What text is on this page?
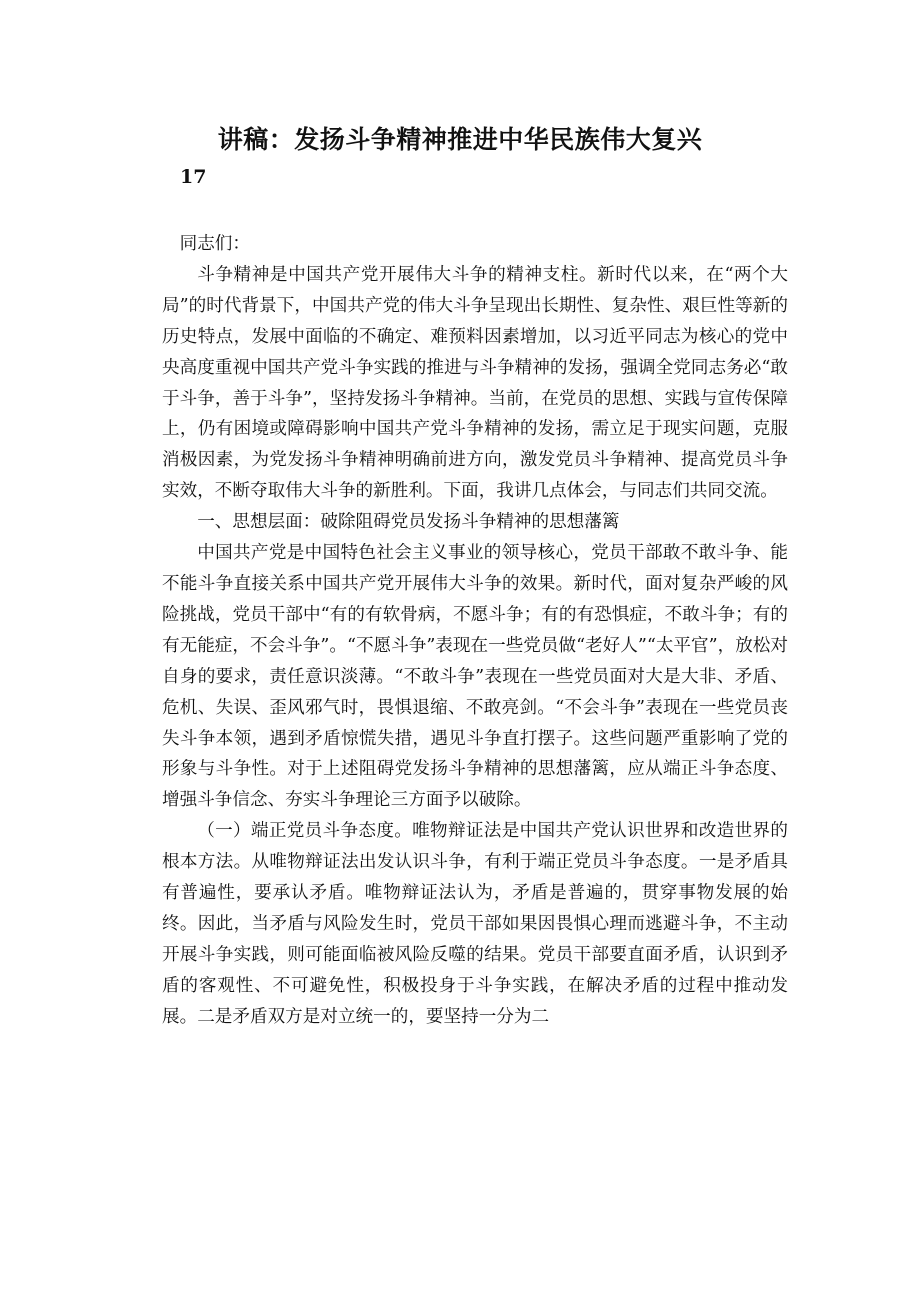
讲稿：发扬斗争精神推进中华民族伟大复兴
17

同志们：

斗争精神是中国共产党开展伟大斗争的精神支柱。新时代以来，在“两个大局”的时代背景下，中国共产党的伟大斗争呈现出长期性、复杂性、艰巨性等新的历史特点，发展中面临的不确定、难预料因素增加，以习近平同志为核心的党中央高度重视中国共产党斗争实践的推进与斗争精神的发扬，强调全党同志务必“敢于斗争，善于斗争”，坚持发扬斗争精神。当前，在党员的思想、实践与宣传保障上，仍有困境或障碍影响中国共产党斗争精神的发扬，需立足于现实问题，克服消极因素，为党发扬斗争精神明确前进方向，激发党员斗争精神、提高党员斗争实效，不断夺取伟大斗争的新胜利。下面，我讲几点体会，与同志们共同交流。

一、思想层面：破除阻碍党员发扬斗争精神的思想藩篱

中国共产党是中国特色社会主义事业的领导核心，党员干部敢不敢斗争、能不能斗争直接关系中国共产党开展伟大斗争的效果。新时代，面对复杂严峻的风险挑战，党员干部中“有的有软骨病，不愿斗争；有的有恐惧症，不敢斗争；有的有无能症，不会斗争”。“不愿斗争”表现在一些党员做“老好人”“太平官”，放松对自身的要求，责任意识淡薄。“不敢斗争”表现在一些党员面对大是大非、矛盾、危机、失误、歪风邪气时，畏惧退缩、不敢亮剑。“不会斗争”表现在一些党员丧失斗争本领，遇到矛盾惊慌失措，遇见斗争直打摆子。这些问题严重影响了党的形象与斗争性。对于上述阻碍党发扬斗争精神的思想藩篱，应从端正斗争态度、增强斗争信念、夯实斗争理论三方面予以破除。

（一）端正党员斗争态度。唯物辩证法是中国共产党认识世界和改造世界的根本方法。从唯物辩证法出发认识斗争，有利于端正党员斗争态度。一是矛盾具有普遍性，要承认矛盾。唯物辩证法认为，矛盾是普遍的，贯穿事物发展的始终。因此，当矛盾与风险发生时，党员干部如果因畏惧心理而逃避斗争，不主动开展斗争实践，则可能面临被风险反噬的结果。党员干部要直面矛盾，认识到矛盾的客观性、不可避免性，积极投身于斗争实践，在解决矛盾的过程中推动发展。二是矛盾双方是对立统一的，要坚持一分为二
